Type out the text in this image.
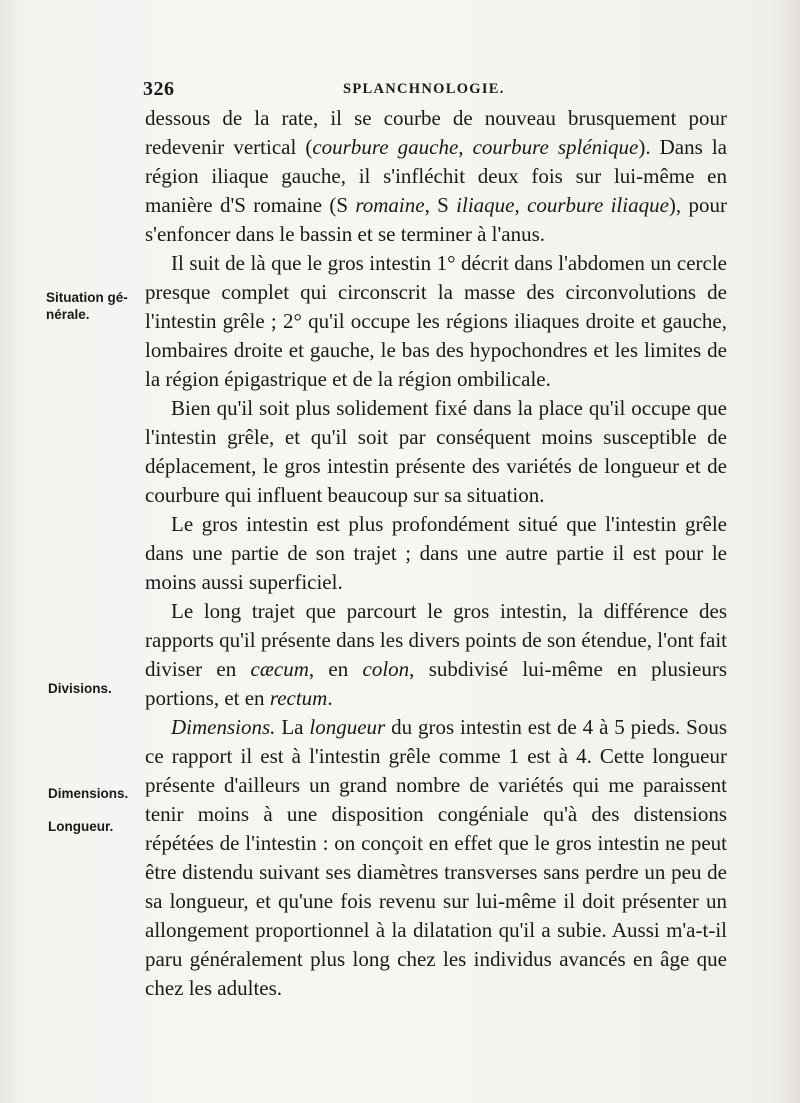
326	SPLANCHNOLOGIE.
Situation gé-
nérale.
Divisions.
Dimensions.
Longueur.

dessous de la rate, il se courbe de nouveau brusquement pour redevenir vertical (courbure gauche, courbure splénique). Dans la région iliaque gauche, il s'infléchit deux fois sur lui-même en manière d'S romaine (S romaine, S iliaque, courbure iliaque), pour s'enfoncer dans le bassin et se terminer à l'anus.

Il suit de là que le gros intestin 1° décrit dans l'abdomen un cercle presque complet qui circonscrit la masse des circonvolutions de l'intestin grêle ; 2° qu'il occupe les régions iliaques droite et gauche, lombaires droite et gauche, le bas des hypochondres et les limites de la région épigastrique et de la région ombilicale.

Bien qu'il soit plus solidement fixé dans la place qu'il occupe que l'intestin grêle, et qu'il soit par conséquent moins susceptible de déplacement, le gros intestin présente des variétés de longueur et de courbure qui influent beaucoup sur sa situation.

Le gros intestin est plus profondément situé que l'intestin grêle dans une partie de son trajet ; dans une autre partie il est pour le moins aussi superficiel.

Le long trajet que parcourt le gros intestin, la différence des rapports qu'il présente dans les divers points de son étendue, l'ont fait diviser en cæcum, en colon, subdivisé lui-même en plusieurs portions, et en rectum.

Dimensions. La longueur du gros intestin est de 4 à 5 pieds. Sous ce rapport il est à l'intestin grêle comme 1 est à 4. Cette longueur présente d'ailleurs un grand nombre de variétés qui me paraissent tenir moins à une disposition congéniale qu'à des distensions répétées de l'intestin : on conçoit en effet que le gros intestin ne peut être distendu suivant ses diamètres transverses sans perdre un peu de sa longueur, et qu'une fois revenu sur lui-même il doit présenter un allongement proportionnel à la dilatation qu'il a subie. Aussi m'a-t-il paru généralement plus long chez les individus avancés en âge que chez les adultes.
